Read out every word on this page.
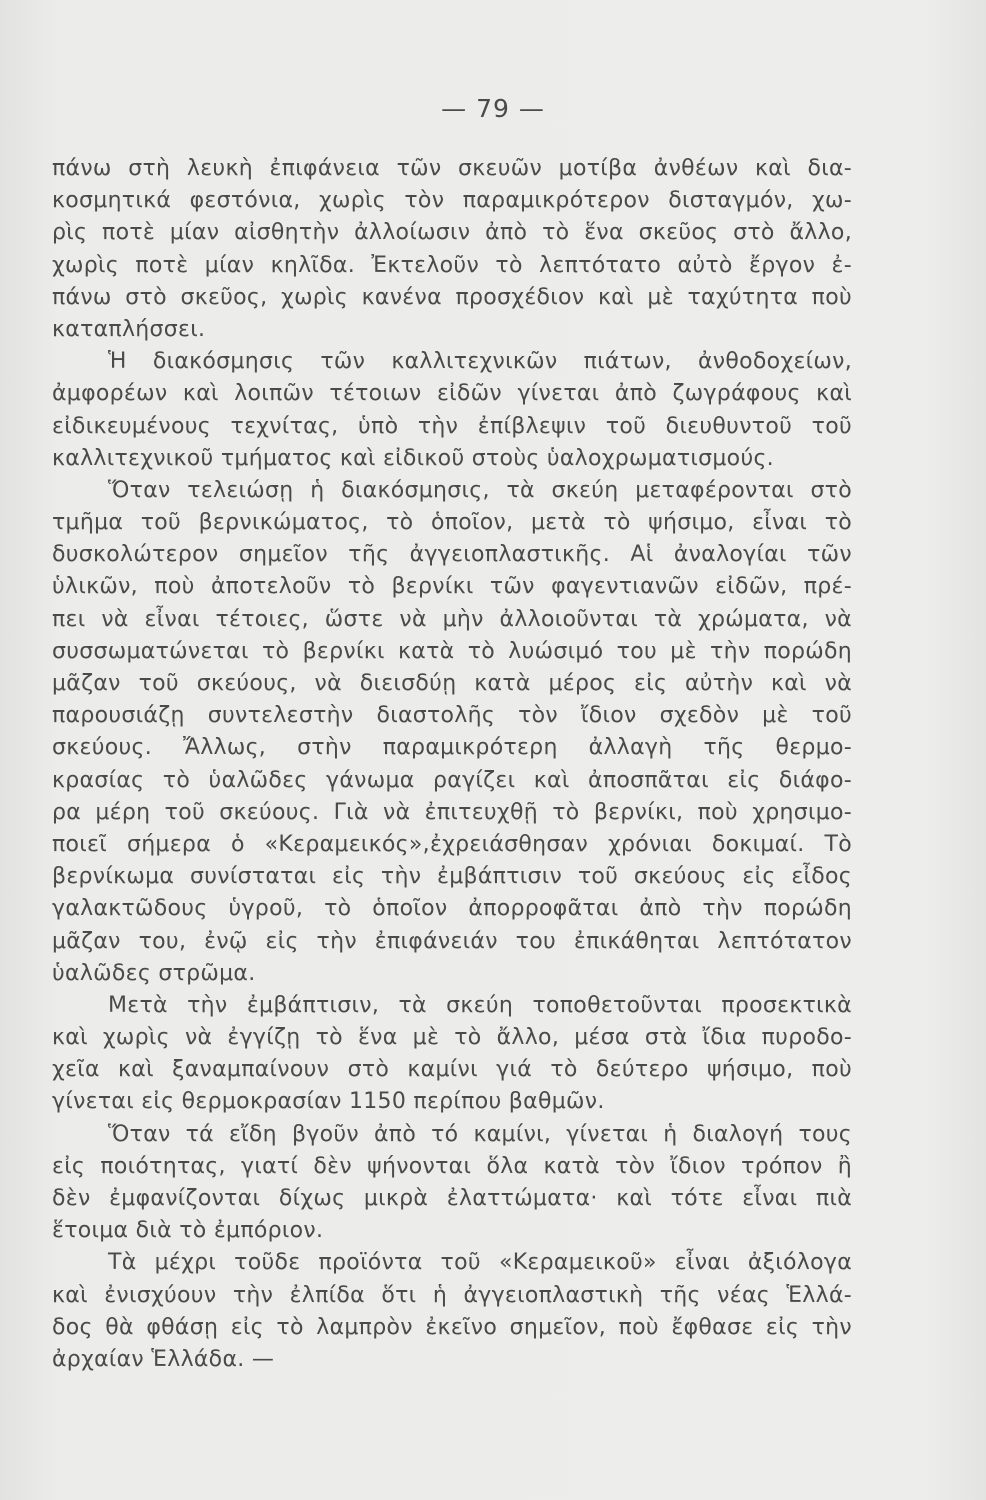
— 79 —
πάνω στὴ λευκὴ ἐπιφάνεια τῶν σκευῶν μοτίβα ἀνθέων καὶ δια-
κοσμητικά φεστόνια, χωρὶς τὸν παραμικρότερον δισταγμόν, χω-
ρὶς ποτὲ μίαν αἰσθητὴν ἀλλοίωσιν ἀπὸ τὸ ἕνα σκεῦος στὸ ἄλλο,
χωρὶς ποτὲ μίαν κηλῖδα. Ἐκτελοῦν τὸ λεπτότατο αὐτὸ ἔργον ἐ-
πάνω στὸ σκεῦος, χωρὶς κανένα προσχέδιον καὶ μὲ ταχύτητα ποὺ
καταπλήσσει.
Ἡ διακόσμησις τῶν καλλιτεχνικῶν πιάτων, ἀνθοδοχείων,
ἀμφορέων καὶ λοιπῶν τέτοιων εἰδῶν γίνεται ἀπὸ ζωγράφους καὶ
εἰδικευμένους τεχνίτας, ὑπὸ τὴν ἐπίβλεψιν τοῦ διευθυντοῦ τοῦ
καλλιτεχνικοῦ τμήματος καὶ εἰδικοῦ στοὺς ὑαλοχρωματισμούς.
Ὅταν τελειώσῃ ἡ διακόσμησις, τὰ σκεύη μεταφέρονται στὸ
τμῆμα τοῦ βερνικώματος, τὸ ὁποῖον, μετὰ τὸ ψήσιμο, εἶναι τὸ
δυσκολώτερον σημεῖον τῆς ἀγγειοπλαστικῆς. Αἱ ἀναλογίαι τῶν
ὑλικῶν, ποὺ ἀποτελοῦν τὸ βερνίκι τῶν φαγεντιανῶν εἰδῶν, πρέ-
πει νὰ εἶναι τέτοιες, ὥστε νὰ μὴν ἀλλοιοῦνται τὰ χρώματα, νὰ
συσσωματώνεται τὸ βερνίκι κατὰ τὸ λυώσιμό του μὲ τὴν πορώδη
μᾶζαν τοῦ σκεύους, νὰ διεισδύῃ κατὰ μέρος εἰς αὐτὴν καὶ νὰ
παρουσιάζῃ συντελεστὴν διαστολῆς τὸν ἴδιον σχεδὸν μὲ τοῦ
σκεύους. Ἄλλως, στὴν παραμικρότερη ἀλλαγὴ τῆς θερμο-
κρασίας τὸ ὑαλῶδες γάνωμα ραγίζει καὶ ἀποσπᾶται εἰς διάφο-
ρα μέρη τοῦ σκεύους. Γιὰ νὰ ἐπιτευχθῇ τὸ βερνίκι, ποὺ χρησιμο-
ποιεῖ σήμερα ὁ «Κεραμεικός»,ἐχρειάσθησαν χρόνιαι δοκιμαί. Τὸ
βερνίκωμα συνίσταται εἰς τὴν ἐμβάπτισιν τοῦ σκεύους εἰς εἶδος
γαλακτῶδους ὑγροῦ, τὸ ὁποῖον ἀπορροφᾶται ἀπὸ τὴν πορώδη
μᾶζαν του, ἐνῷ εἰς τὴν ἐπιφάνειάν του ἐπικάθηται λεπτότατον
ὑαλῶδες στρῶμα.
Μετὰ τὴν ἐμβάπτισιν, τὰ σκεύη τοποθετοῦνται προσεκτικὰ
καὶ χωρὶς νὰ ἐγγίζῃ τὸ ἕνα μὲ τὸ ἄλλο, μέσα στὰ ἴδια πυροδο-
χεῖα καὶ ξαναμπαίνουν στὸ καμίνι γιά τὸ δεύτερο ψήσιμο, ποὺ
γίνεται εἰς θερμοκρασίαν 1150 περίπου βαθμῶν.
Ὅταν τά εἴδη βγοῦν ἀπὸ τό καμίνι, γίνεται ἡ διαλογή τους
εἰς ποιότητας, γιατί δὲν ψήνονται ὅλα κατὰ τὸν ἴδιον τρόπον ἢ
δὲν ἐμφανίζονται δίχως μικρὰ ἐλαττώματα· καὶ τότε εἶναι πιὰ
ἕτοιμα διὰ τὸ ἐμπόριον.
Τὰ μέχρι τοῦδε προϊόντα τοῦ «Κεραμεικοῦ» εἶναι ἀξιόλογα
καὶ ἐνισχύουν τὴν ἐλπίδα ὅτι ἡ ἀγγειοπλαστικὴ τῆς νέας Ἑλλά-
δος θὰ φθάσῃ εἰς τὸ λαμπρὸν ἐκεῖνο σημεῖον, ποὺ ἔφθασε εἰς τὴν
ἀρχαίαν Ἑλλάδα. —
